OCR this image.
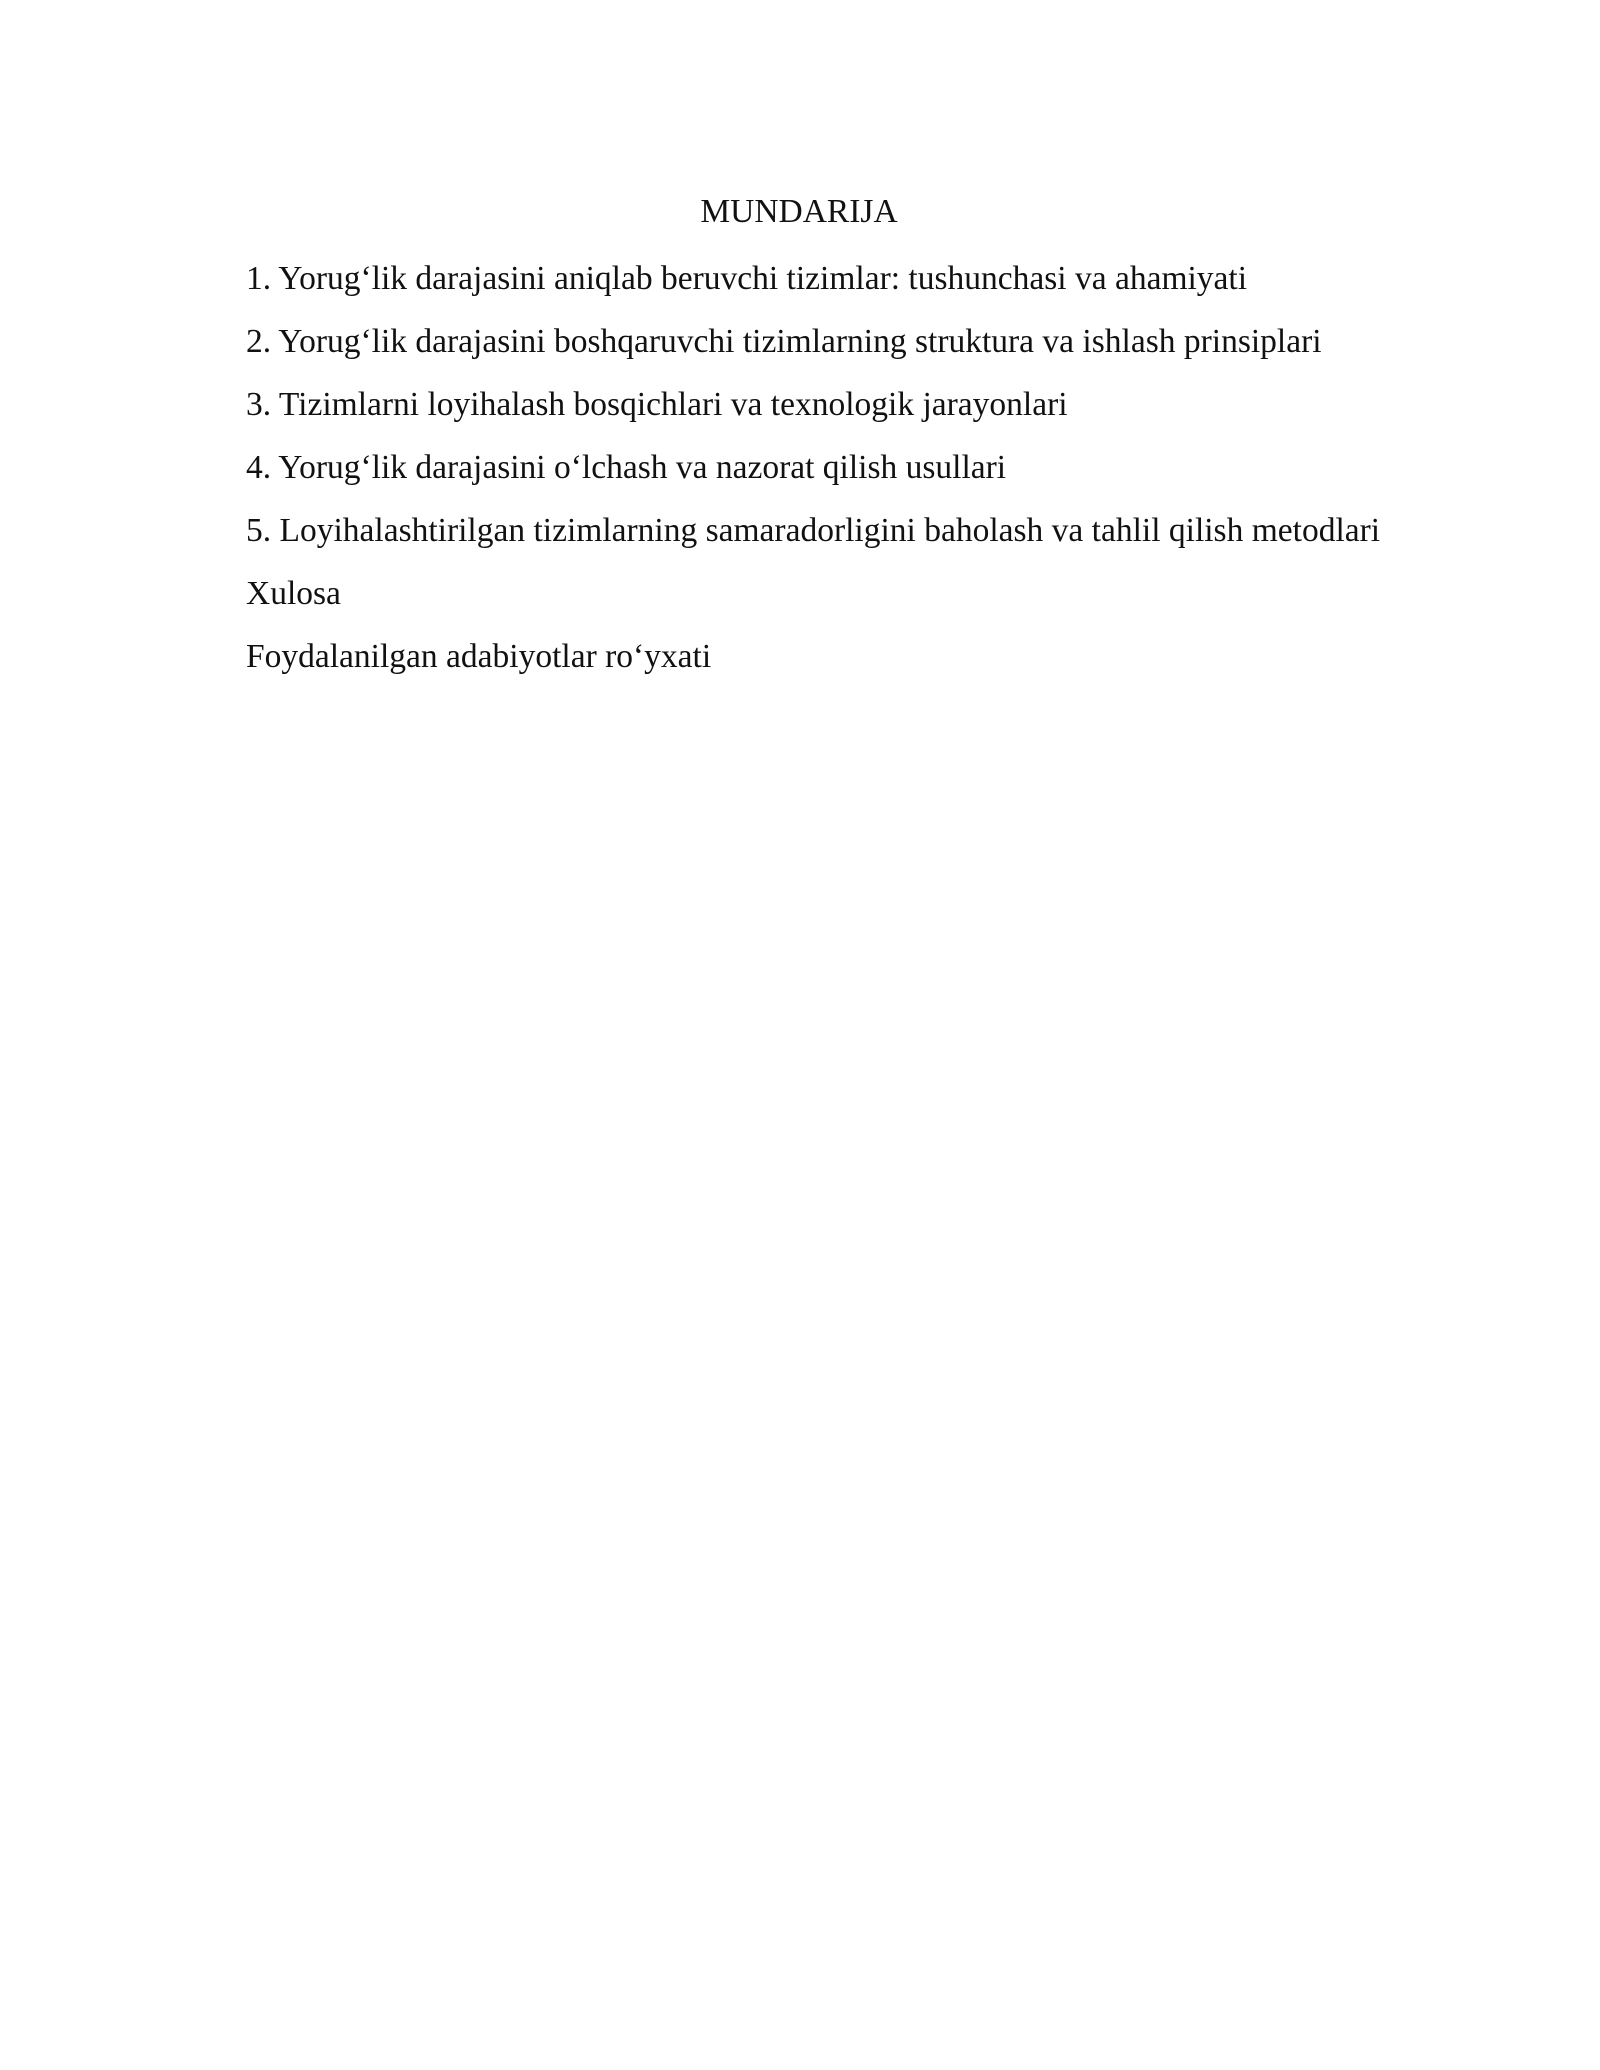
MUNDARIJA

1. Yorug‘lik darajasini aniqlab beruvchi tizimlar: tushunchasi va ahamiyati

2. Yorug‘lik darajasini boshqaruvchi tizimlarning struktura va ishlash prinsiplari

3. Tizimlarni loyihalash bosqichlari va texnologik jarayonlari

4. Yorug‘lik darajasini o‘lchash va nazorat qilish usullari

5. Loyihalashtirilgan tizimlarning samaradorligini baholash va tahlil qilish metodlari

Xulosa

Foydalanilgan adabiyotlar ro‘yxati
